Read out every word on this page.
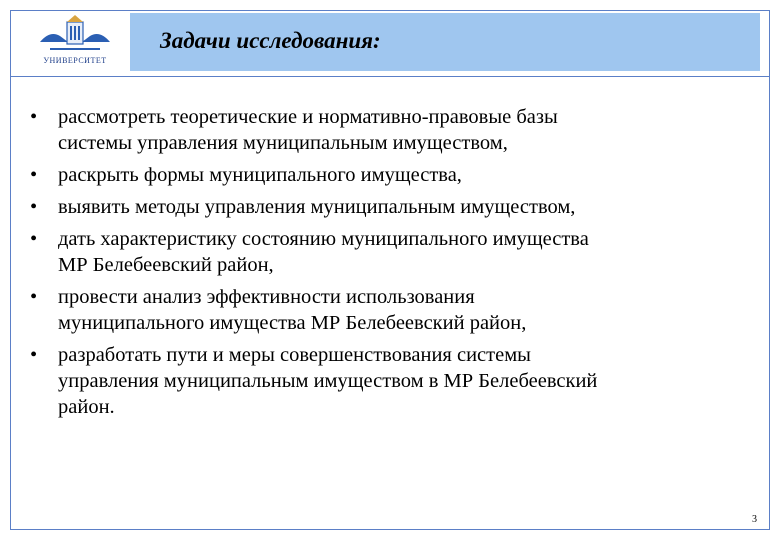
УНИВЕРСИТЕТ
Задачи исследования:
•	рассмотреть теоретические и нормативно-правовые базы
системы управления муниципальным имуществом,
•	раскрыть формы муниципального имущества,
•	выявить методы управления муниципальным имуществом,
•	дать характеристику состоянию муниципального имущества
МР Белебеевский район,
•	провести анализ эффективности использования
муниципального имущества МР Белебеевский район,
•	разработать пути и меры совершенствования системы
управления муниципальным имуществом в МР Белебеевский
район.
3
